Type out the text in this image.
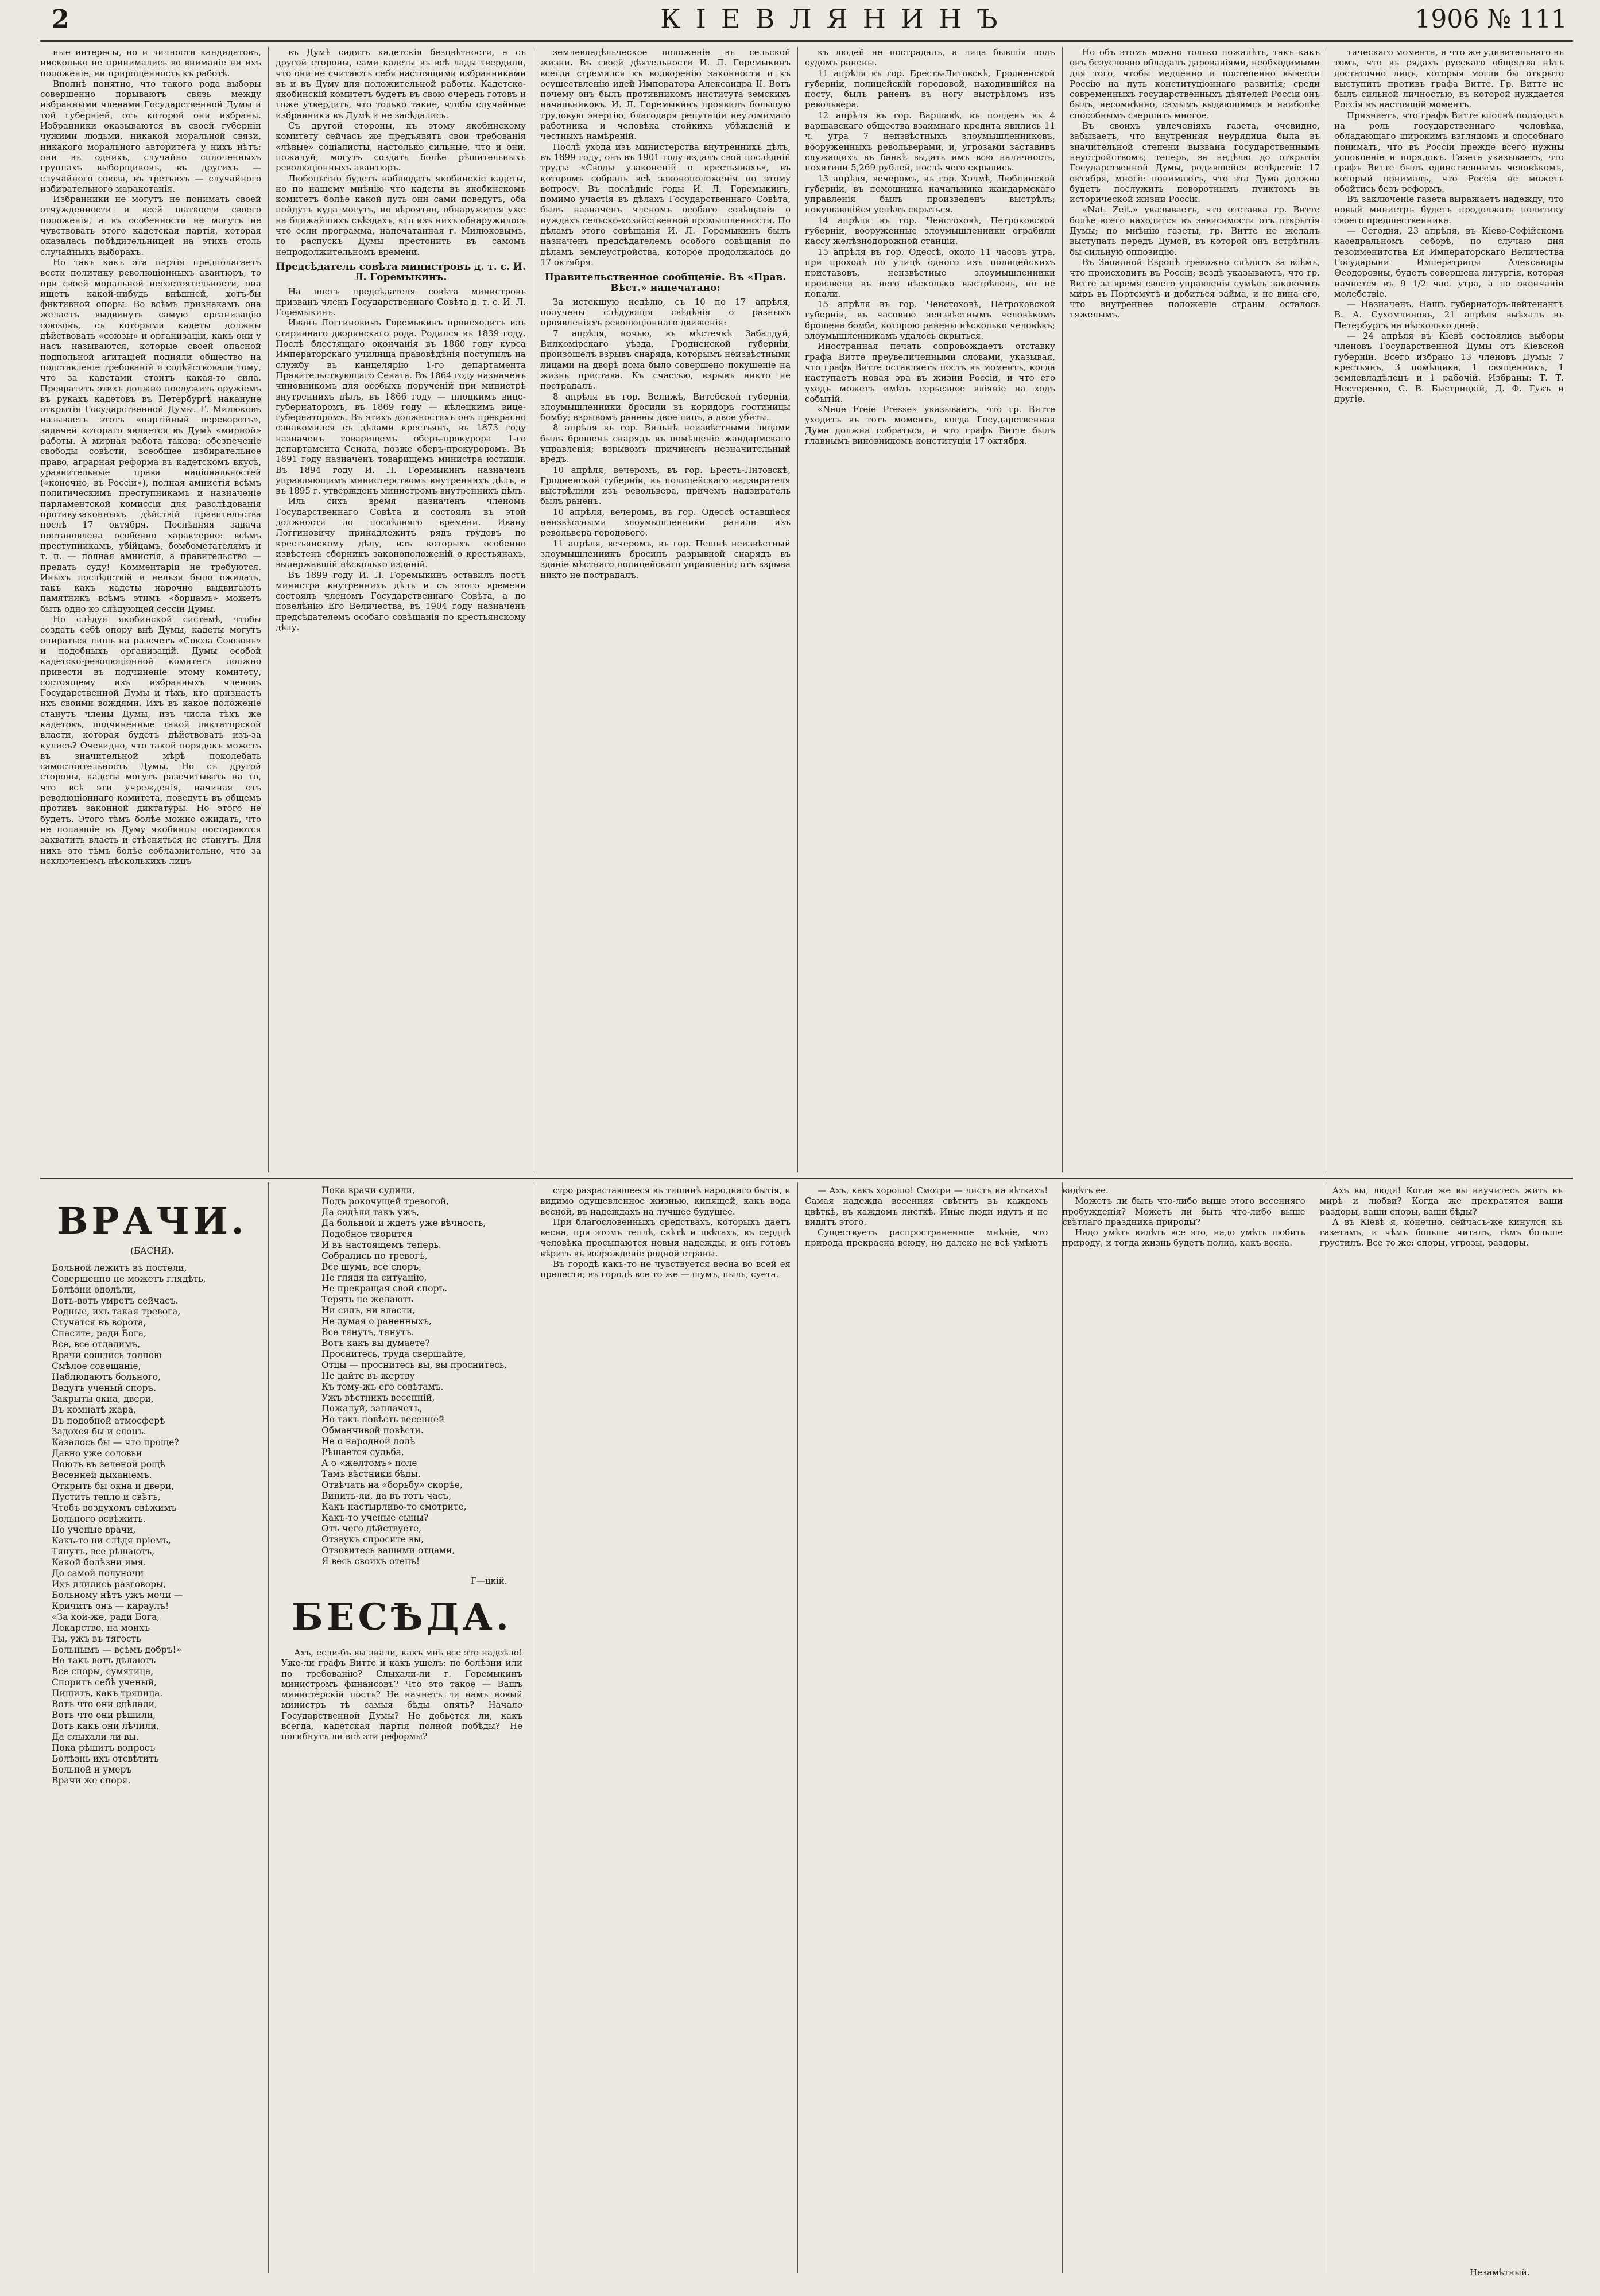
2	КІЕВЛЯНИНЪ	1906 № 111
ные интересы, но и личности кандидатовъ, нисколько не принимались во вниманіе ни ихъ положеніе, ни прирощенность къ работѣ.
Вполнѣ понятно, что такого рода выборы совершенно порываютъ связь между избранными членами Государственной Думы и той губерніей, отъ которой они избраны. Избранники оказываются въ своей губерніи чужими людьми, никакой моральной связи, никакого морального авторитета у нихъ нѣтъ: они въ однихъ, случайно сплоченныхъ группахъ выборщиковъ, въ другихъ — случайного союза, въ третьихъ — случайного избирательного маракотанія.
Избранники не могутъ не понимать своей отчужденности и всей шаткости своего положенія, а въ особенности не могутъ не чувствовать этого кадетская партія, которая оказалась побѣдительницей на этихъ столь случайныхъ выборахъ.
Но такъ какъ эта партія предполагаетъ вести политику революціонныхъ авантюръ, то при своей моральной несостоятельности, она ищетъ какой-нибудь внѣшней, хотъ-бы фиктивной опоры. Во всѣмъ признакамъ она желаетъ выдвинуть самую организацію союзовъ, съ которыми кадеты должны дѣйствовать «союзы» и организаціи, какъ они у насъ называются, которые своей опасной подпольной агитаціей подняли общество на подставленіе требованій и содѣйствовали тому, что за кадетами стоитъ какая-то сила. Превратить этихъ должно послужить оружіемъ въ рукахъ кадетовъ въ Петербургѣ накануне открытія Государственной Думы. Г. Милюковъ называетъ этотъ «партійный переворотъ», задачей котораго является въ Думѣ «мирной» работы. А мирная работа такова: обезпеченіе свободы совѣсти, всеобщее избирательное право, аграрная реформа въ кадетскомъ вкусѣ, уравнительные права національностей («конечно, въ Россіи»), полная амнистія всѣмъ политическимъ преступникамъ и назначеніе парламентской комиссіи для разслѣдованія противузаконныхъ дѣйствій правительства послѣ 17 октября. Послѣдняя задача постановлена особенно характерно: всѣмъ преступникамъ, убійцамъ, бомбометателямъ и т. п. — полная амнистія, а правительство — предать суду! Комментаріи не требуются. Иныхъ послѣдствій и нельзя было ожидать, такъ какъ кадеты нарочно выдвигаютъ памятникъ всѣмъ этимъ «борцамъ» можетъ быть одно ко слѣдующей сессіи Думы.
Но слѣдуя якобинской системѣ, чтобы создать себѣ опору внѣ Думы, кадеты могутъ опираться лишь на разсчетъ «Союза Союзовъ» и подобныхъ организацій. Думы особой кадетско-революціонной комитетъ должно привести въ подчиненіе этому комитету, состоящему изъ избранныхъ членовъ Государственной Думы и тѣхъ, кто признаетъ ихъ своими вождями. Ихъ въ какое положеніе станутъ члены Думы, изъ числа тѣхъ же кадетовъ, подчиненные такой диктаторской власти, которая будетъ дѣйствовать изъ-за кулисъ? Очевидно, что такой порядокъ можетъ въ значительной мѣрѣ поколебать самостоятельность Думы. Но съ другой стороны, кадеты могутъ разсчитывать на то, что всѣ эти учрежденія, начиная отъ революціоннаго комитета, поведутъ въ общемъ противъ законной диктатуры. Но этого не будетъ. Этого тѣмъ болѣе можно ожидать, что не попавшіе въ Думу якобинцы постараются захватить власть и стѣсняться не станутъ. Для нихъ это тѣмъ болѣе соблазнительно, что за исключеніемъ нѣсколькихъ лицъ
въ Думѣ сидятъ кадетскія безцвѣтности, а съ другой стороны, сами кадеты въ всѣ лады твердили, что они не считаютъ себя настоящими избранниками въ и въ Думу для положительной работы. Кадетско-якобинскій комитетъ будетъ въ свою очередь готовъ и тоже утвердить, что только такие, чтобы случайные избранники въ Думѣ и не засѣдались.
Съ другой стороны, къ этому якобинскому комитету сейчасъ же предъявятъ свои требованія «лѣвые» соціалисты, настолько сильные, что и они, пожалуй, могутъ создать болѣе рѣшительныхъ революціонныхъ авантюръ.
Любопытно будетъ наблюдать якобинскіе кадеты, но по нашему мнѣнію что кадеты въ якобинскомъ комитетъ болѣе какой путь они сами поведутъ, оба пойдутъ куда могутъ, но вѣроятно, обнаружится уже на ближайшихъ съѣздахъ, кто изъ нихъ обнаружилось что если программа, напечатанная г. Милюковымъ, то распускъ Думы престонить въ самомъ непродолжительномъ времени.
Предсѣдатель совѣта министровъ д. т. с. И. Л. Горемыкинъ.
На постъ предсѣдателя совѣта министровъ призванъ членъ Государственнаго Совѣта д. т. с. И. Л. Горемыкинъ.
Иванъ Логгиновичъ Горемыкинъ происходитъ изъ стариннаго дворянскаго рода. Родился въ 1839 году. Послѣ блестящаго окончанія въ 1860 году курса Императорскаго училища правовѣдѣнія поступилъ на службу въ канцелярію 1-го департамента Правительствующаго Сената. Въ 1864 году назначенъ чиновникомъ для особыхъ порученій при министрѣ внутреннихъ дѣлъ, въ 1866 году — плоцкимъ вице-губернаторомъ, въ 1869 году — кѣлецкимъ вице-губернаторомъ. Въ этихъ должностяхъ онъ прекрасно ознакомился съ дѣлами крестьянъ, въ 1873 году назначенъ товарищемъ оберъ-прокурора 1-го департамента Сената, позже оберъ-прокуроромъ. Въ 1891 году назначенъ товарищемъ министра юстиціи. Въ 1894 году И. Л. Горемыкинъ назначенъ управляющимъ министерствомъ внутреннихъ дѣлъ, а въ 1895 г. утвержденъ министромъ внутреннихъ дѣлъ.
Иль сихъ время назначенъ членомъ Государственнаго Совѣта и состоялъ въ этой должности до послѣдняго времени. Ивану Логгиновичу принадлежитъ рядъ трудовъ по крестьянскому дѣлу, изъ которыхъ особенно извѣстенъ сборникъ законоположеній о крестьянахъ, выдержавшій нѣсколько изданій.
Въ 1899 году И. Л. Горемыкинъ оставилъ постъ министра внутреннихъ дѣлъ и съ этого времени состоялъ членомъ Государственнаго Совѣта, а по повелѣнію Его Величества, въ 1904 году назначенъ предсѣдателемъ особаго совѣщанія по крестьянскому дѣлу.
землевладѣльческое положеніе въ сельской жизни. Въ своей дѣятельности И. Л. Горемыкинъ всегда стремился къ водворенію законности и къ осуществленію идей Императора Александра II. Вотъ почему онъ былъ противникомъ института земскихъ начальниковъ. И. Л. Горемыкинъ проявилъ большую трудовую энергію, благодаря репутаціи неутомимаго работника и человѣка стойкихъ убѣжденій и честныхъ намѣреній.
Послѣ ухода изъ министерства внутреннихъ дѣлъ, въ 1899 году, онъ въ 1901 году издалъ свой послѣдній трудъ: «Своды узаконеній о крестьянахъ», въ которомъ собралъ всѣ законоположенія по этому вопросу. Въ послѣдніе годы И. Л. Горемыкинъ, помимо участія въ дѣлахъ Государственнаго Совѣта, былъ назначенъ членомъ особаго совѣщанія о нуждахъ сельско-хозяйственной промышленности. По дѣламъ этого совѣщанія И. Л. Горемыкинъ былъ назначенъ предсѣдателемъ особого совѣщанія по дѣламъ землеустройства, которое продолжалось до 17 октября.
Правительственное сообщеніе. Въ «Прав. Вѣст.» напечатано:
За истекшую недѣлю, съ 10 по 17 апрѣля, получены слѣдующія свѣдѣнія о разныхъ проявленіяхъ революціоннаго движенія:
7 апрѣля, ночью, въ мѣстечкѣ Забалдуй, Вилкомірскаго уѣзда, Гродненской губерніи, произошелъ взрывъ снаряда, которымъ неизвѣстными лицами на дворѣ дома было совершено покушеніе на жизнь пристава. Къ счастью, взрывъ никто не пострадалъ.
8 апрѣля въ гор. Велижѣ, Витебской губерніи, злоумышленники бросили въ коридоръ гостиницы бомбу; взрывомъ ранены двое лицъ, а двое убиты.
8 апрѣля въ гор. Вильнѣ неизвѣстными лицами былъ брошенъ снарядъ въ помѣщеніе жандармскаго управленія; взрывомъ причиненъ незначительный вредъ.
10 апрѣля, вечеромъ, въ гор. Брестъ-Литовскѣ, Гродненской губерніи, въ полицейскаго надзирателя выстрѣлили изъ револьвера, причемъ надзиратель былъ раненъ.
10 апрѣля, вечеромъ, въ гор. Одессѣ оставшіеся неизвѣстными злоумышленники ранили изъ револьвера городового.
11 апрѣля, вечеромъ, въ гор. Пешнѣ неизвѣстный злоумышленникъ бросилъ разрывной снарядъ въ зданіе мѣстнаго полицейскаго управленія; отъ взрыва никто не пострадалъ.
къ людей не пострадалъ, а лица бывшія подъ судомъ ранены.
11 апрѣля въ гор. Брестъ-Литовскѣ, Гродненской губерніи, полицейскій городовой, находившійся на посту, былъ раненъ въ ногу выстрѣломъ изъ револьвера.
12 апрѣля въ гор. Варшавѣ, въ полдень въ 4 варшавскаго общества взаимнаго кредита явились 11 ч. утра 7 неизвѣстныхъ злоумышленниковъ, вооруженныхъ револьверами, и, угрозами заставивъ служащихъ въ банкѣ выдать имъ всю наличность, похитили 5,269 рублей, послѣ чего скрылись.
13 апрѣля, вечеромъ, въ гор. Холмѣ, Люблинской губерніи, въ помощника начальника жандармскаго управленія былъ произведенъ выстрѣлъ; покушавшійся успѣлъ скрыться.
14 апрѣля въ гор. Ченстоховѣ, Петроковской губерніи, вооруженные злоумышленники ограбили кассу желѣзнодорожной станціи.
15 апрѣля въ гор. Одессѣ, около 11 часовъ утра, при проходѣ по улицѣ одного изъ полицейскихъ приставовъ, неизвѣстные злоумышленники произвели въ него нѣсколько выстрѣловъ, но не попали.
15 апрѣля въ гор. Ченстоховѣ, Петроковской губерніи, въ часовню неизвѣстнымъ человѣкомъ брошена бомба, которою ранены нѣсколько человѣкъ; злоумышленникамъ удалось скрыться.
Иностранная печать сопровождаетъ отставку графа Витте преувеличенными словами, указывая, что графъ Витте оставляетъ постъ въ моментъ, когда наступаетъ новая эра въ жизни Россіи, и что его уходъ можетъ имѣть серьезное вліяніе на ходъ событій.
«Neue Freie Presse» указываетъ, что гр. Витте уходитъ въ тотъ моментъ, когда Государственная Дума должна собраться, и что графъ Витте былъ главнымъ виновникомъ конституціи 17 октября.
Но объ этомъ можно только пожалѣть, такъ какъ онъ безусловно обладалъ дарованіями, необходимыми для того, чтобы медленно и постепенно вывести Россію на путь конституціоннаго развитія; среди современныхъ государственныхъ дѣятелей Россіи онъ былъ, несомнѣнно, самымъ выдающимся и наиболѣе способнымъ свершить многое.
Въ своихъ увлеченіяхъ газета, очевидно, забываетъ, что внутренняя неурядица была въ значительной степени вызвана государственнымъ неустройствомъ; теперь, за недѣлю до открытія Государственной Думы, родившейся вслѣдствіе 17 октября, многіе понимаютъ, что эта Дума должна будетъ послужить поворотнымъ пунктомъ въ исторической жизни Россіи.
«Nat. Zeit.» указываетъ, что отставка гр. Витте болѣе всего находится въ зависимости отъ открытія Думы; по мнѣнію газеты, гр. Витте не желалъ выступать передъ Думой, въ которой онъ встрѣтилъ бы сильную оппозицію.
Въ Западной Европѣ тревожно слѣдятъ за всѣмъ, что происходитъ въ Россіи; вездѣ указываютъ, что гр. Витте за время своего управленія сумѣлъ заключить миръ въ Портсмутѣ и добиться займа, и не вина его, что внутреннее положеніе страны осталось тяжелымъ.
тическаго момента, и что же удивительнаго въ томъ, что въ рядахъ русскаго общества нѣтъ достаточно лицъ, которыя могли бы открыто выступить противъ графа Витте. Гр. Витте не былъ сильной личностью, въ которой нуждается Россія въ настоящій моментъ.
Признаетъ, что графъ Витте вполнѣ подходитъ на роль государственнаго человѣка, обладающаго широкимъ взглядомъ и способнаго понимать, что въ Россіи прежде всего нужны успокоеніе и порядокъ. Газета указываетъ, что графъ Витте былъ единственнымъ человѣкомъ, который понималъ, что Россія не можетъ обойтись безъ реформъ.
Въ заключеніе газета выражаетъ надежду, что новый министръ будетъ продолжать политику своего предшественника.
— Сегодня, 23 апрѣля, въ Кіево-Софійскомъ каѳедральномъ соборѣ, по случаю дня тезоименитства Ея Императорскаго Величества Государыни Императрицы Александры Ѳеодоровны, будетъ совершена литургія, которая начнется въ 9 1/2 час. утра, а по окончаніи молебствіе.
— Назначенъ. Нашъ губернаторъ-лейтенантъ В. А. Сухомлиновъ, 21 апрѣля выѣхалъ въ Петербургъ на нѣсколько дней.
— 24 апрѣля въ Кіевѣ состоялись выборы членовъ Государственной Думы отъ Кіевской губерніи. Всего избрано 13 членовъ Думы: 7 крестьянъ, 3 помѣщика, 1 священникъ, 1 землевладѣлецъ и 1 рабочій. Избраны: Т. Т. Нестеренко, С. В. Быстрицкій, Д. Ф. Гукъ и другіе.
ВРАЧИ.
(БАСНЯ).
Больной лежитъ въ постели,
Совершенно не можетъ глядѣть,
Болѣзни одолѣли,
Вотъ-вотъ умретъ сейчасъ.
Родные, ихъ такая тревога,
Стучатся въ ворота,
Спасите, ради Бога,
Все, все отдадимъ,
Врачи сошлись толпою
Смѣлое совещаніе,
Наблюдаютъ больного,
Ведутъ ученый споръ.
Закрыты окна, двери,
Въ комнатѣ жара,
Въ подобной атмосферѣ
Задохся бы и слонъ.
Казалось бы — что проще?
Давно уже соловьи
Поютъ въ зеленой рощѣ
Весенней дыханіемъ.
Открыть бы окна и двери,
Пустить тепло и свѣтъ,
Чтобъ воздухомъ свѣжимъ
Больного освѣжить.
Но ученые врачи,
Какъ-то ни слѣдя пріемъ,
Тянутъ, все рѣшаютъ,
Какой болѣзни имя.
До самой полуночи
Ихъ длились разговоры,
Больному нѣтъ ужъ мочи —
Кричитъ онъ — караулъ!
«За кой-же, ради Бога,
Лекарство, на моихъ
Ты, ужъ въ тягость
Больнымъ — всѣмъ добръ!»
Но такъ вотъ дѣлаютъ
Все споры, сумятица,
Споритъ себѣ ученый,
Пищитъ, какъ тряпица.
Вотъ что они сдѣлали,
Вотъ что они рѣшили,
Вотъ какъ они лѣчили,
Да слыхали ли вы.
Пока рѣшитъ вопросъ
Болѣзнь ихъ отсвѣтить
Больной и умеръ
Врачи же споря.
Пока врачи судили,
Подъ рокочущей тревогой,
Да сидѣли такъ ужъ,
Да больной и ждетъ уже вѣчность,
Подобное творится
И въ настоящемъ теперь.
Собрались по тревогѣ,
Все шумъ, все споръ,
Не глядя на ситуацію,
Не прекращая свой споръ.
Терять не желаютъ
Ни силъ, ни власти,
Не думая о раненныхъ,
Все тянутъ, тянутъ.
Вотъ какъ вы думаете?
Проснитесь, труда свершайте,
Отцы — проснитесь вы, вы проснитесь,
Не дайте въ жертву
Къ тому-жъ его совѣтамъ.
Ужъ вѣстникъ весенній,
Пожалуй, заплачетъ,
Но такъ повѣсть весенней
Обманчивой повѣсти.
Не о народной долѣ
Рѣшается судьба,
А о «желтомъ» поле
Тамъ вѣстники бѣды.
Отвѣчать на «борьбу» скорѣе,
Винить-ли, да въ тотъ часъ,
Какъ настырливо-то смотрите,
Какъ-то ученые сыны?
Отъ чего дѣйствуете,
Отзвукъ спросите вы,
Отзовитесь вашими отцами,
Я весь своихъ отецъ!
Г—цкій.
БЕСѢДА.
Ахъ, если-бъ вы знали, какъ мнѣ все это надоѣло! Уже-ли графъ Витте и какъ ушелъ: по болѣзни или по требованію? Слыхали-ли г. Горемыкинъ министромъ финансовъ? Что это такое — Вашъ министерскій постъ? Не начнетъ ли намъ новый министръ тѣ самыя бѣды опять? Начало Государственной Думы? Не добьется ли, какъ всегда, кадетская партія полной побѣды? Не погибнутъ ли всѣ эти реформы?
стро разраставшееся въ тишинѣ народнаго бытія, и видимо одушевленное жизнью, кипящей, какъ вода весной, въ надеждахъ на лучшее будущее.
При благословенныхъ средствахъ, которыхъ даетъ весна, при этомъ теплѣ, свѣтѣ и цвѣтахъ, въ сердцѣ человѣка просыпаются новыя надежды, и онъ готовъ вѣрить въ возрожденіе родной страны.
Въ городѣ какъ-то не чувствуется весна во всей ея прелести; въ городѣ все то же — шумъ, пыль, суета.
— Ахъ, какъ хорошо! Смотри — листъ на вѣткахъ! Самая надежда весенняя свѣтитъ въ каждомъ цвѣткѣ, въ каждомъ листкѣ. Иные люди идутъ и не видятъ этого.
Существуетъ распространенное мнѣніе, что природа прекрасна всюду, но далеко не всѣ умѣютъ видѣть ее.
Можетъ ли быть что-либо выше этого весенняго пробужденія? Можетъ ли быть что-либо выше свѣтлаго праздника природы?
Надо умѣть видѣть все это, надо умѣть любить природу, и тогда жизнь будетъ полна, какъ весна.
Ахъ вы, люди! Когда же вы научитесь жить въ мирѣ и любви? Когда же прекратятся ваши раздоры, ваши споры, ваши бѣды?
А въ Кіевѣ я, конечно, сейчасъ-же кинулся къ газетамъ, и чѣмъ больше читалъ, тѣмъ больше грустилъ. Все то же: споры, угрозы, раздоры.
Незамѣтный.
